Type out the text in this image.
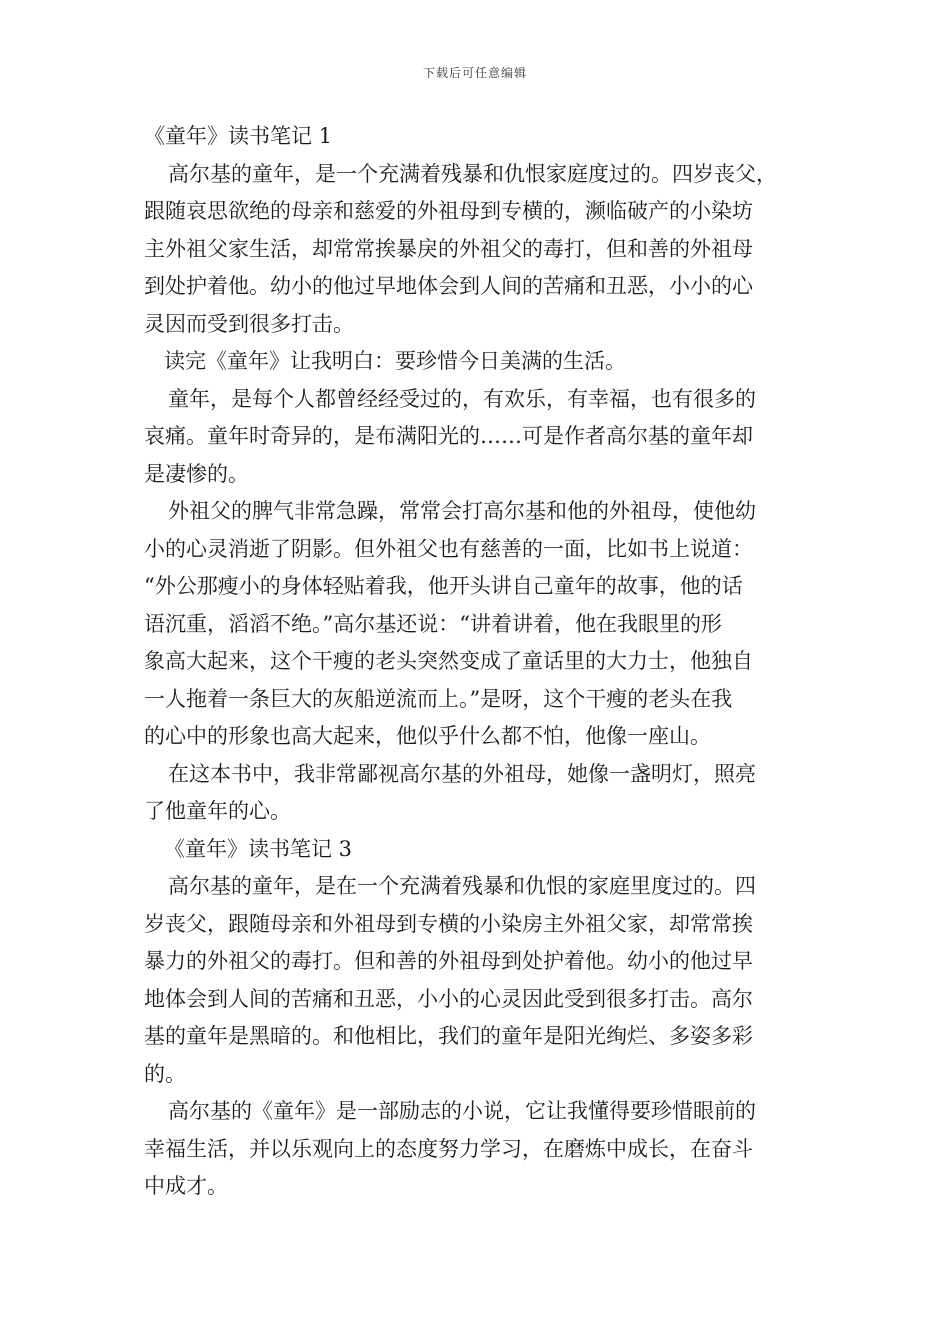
下载后可任意编辑
《童年》读书笔记 1
高尔基的童年，是一个充满着残暴和仇恨家庭度过的。四岁丧父，
跟随哀思欲绝的母亲和慈爱的外祖母到专横的，濒临破产的小染坊
主外祖父家生活，却常常挨暴戾的外祖父的毒打，但和善的外祖母
到处护着他。幼小的他过早地体会到人间的苦痛和丑恶，小小的心
灵因而受到很多打击。
读完《童年》让我明白：要珍惜今日美满的生活。
童年，是每个人都曾经经受过的，有欢乐，有幸福，也有很多的
哀痛。童年时奇异的，是布满阳光的……可是作者高尔基的童年却
是凄惨的。
外祖父的脾气非常急躁，常常会打高尔基和他的外祖母，使他幼
小的心灵消逝了阴影。但外祖父也有慈善的一面，比如书上说道：
“外公那瘦小的身体轻贴着我，他开头讲自己童年的故事，他的话
语沉重，滔滔不绝。”高尔基还说：“讲着讲着，他在我眼里的形
象高大起来，这个干瘦的老头突然变成了童话里的大力士，他独自
一人拖着一条巨大的灰船逆流而上。”是呀，这个干瘦的老头在我
的心中的形象也高大起来，他似乎什么都不怕，他像一座山。
在这本书中，我非常鄙视高尔基的外祖母，她像一盏明灯，照亮
了他童年的心。
《童年》读书笔记 3
高尔基的童年，是在一个充满着残暴和仇恨的家庭里度过的。四
岁丧父，跟随母亲和外祖母到专横的小染房主外祖父家，却常常挨
暴力的外祖父的毒打。但和善的外祖母到处护着他。幼小的他过早
地体会到人间的苦痛和丑恶，小小的心灵因此受到很多打击。高尔
基的童年是黑暗的。和他相比，我们的童年是阳光绚烂、多姿多彩
的。
高尔基的《童年》是一部励志的小说，它让我懂得要珍惜眼前的
幸福生活，并以乐观向上的态度努力学习，在磨炼中成长，在奋斗
中成才。
